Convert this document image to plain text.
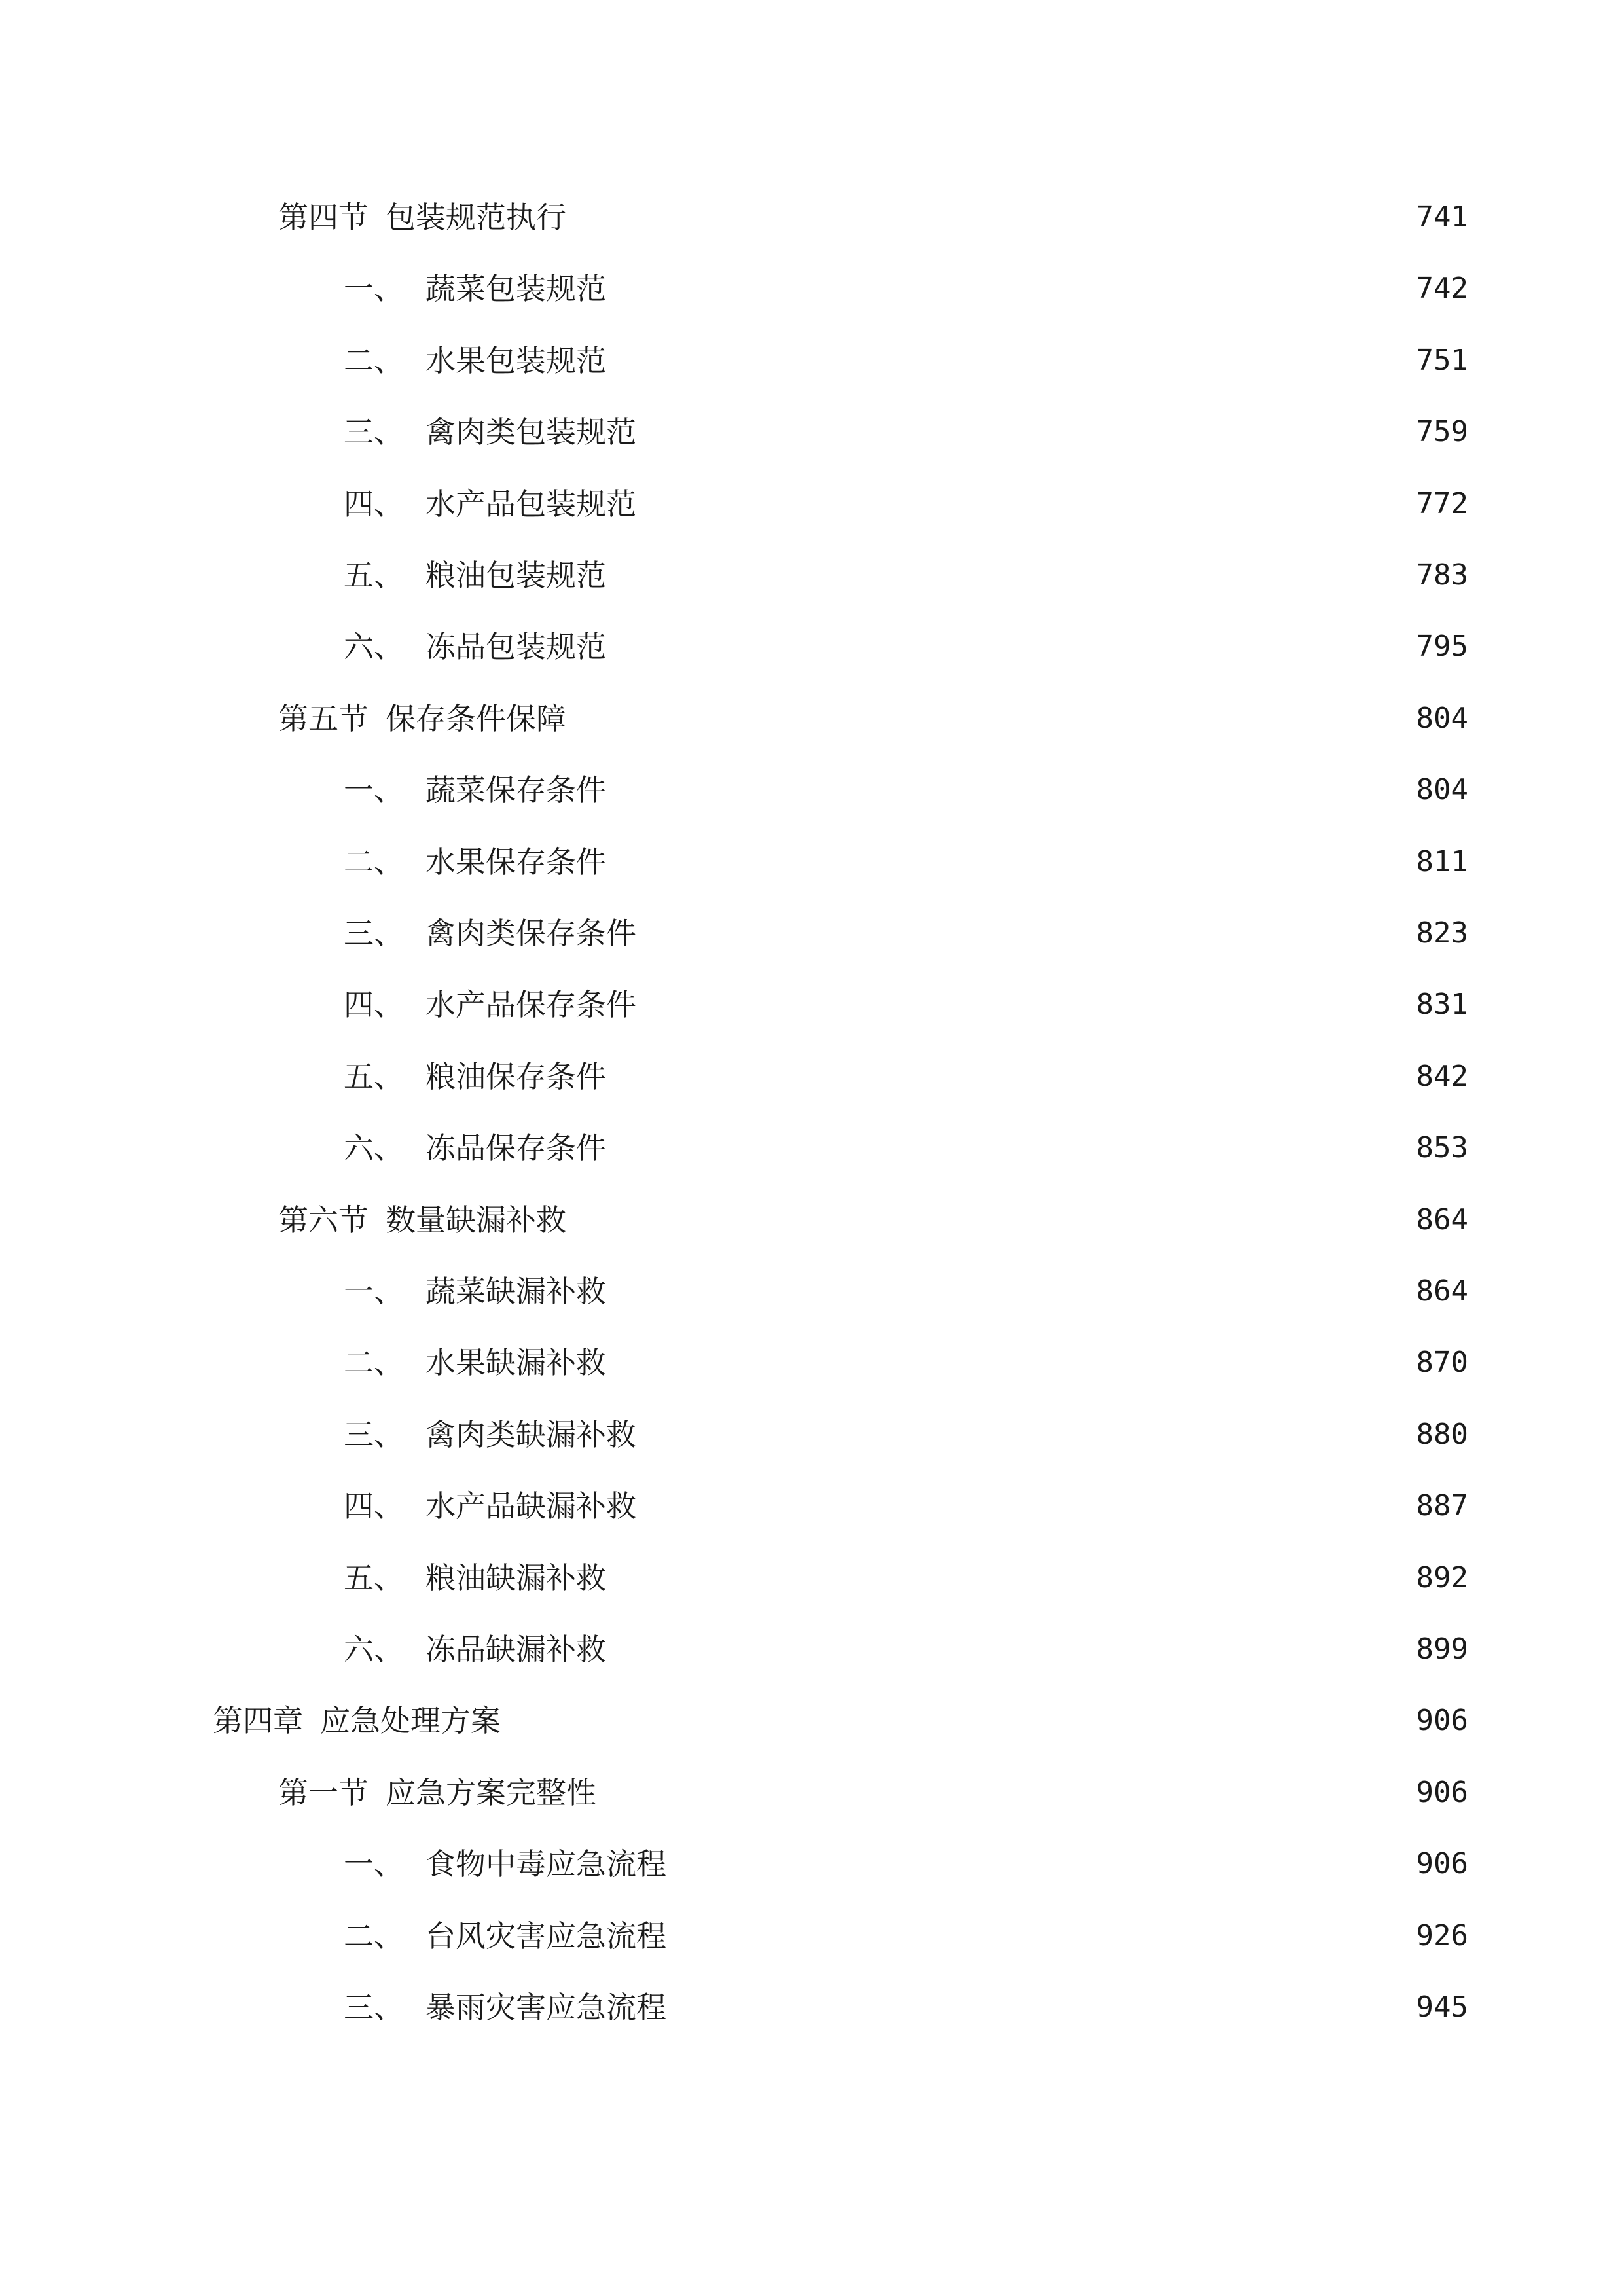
第四节 包装规范执行	741
一、 蔬菜包装规范	742
二、 水果包装规范	751
三、 禽肉类包装规范	759
四、 水产品包装规范	772
五、 粮油包装规范	783
六、 冻品包装规范	795
第五节 保存条件保障	804
一、 蔬菜保存条件	804
二、 水果保存条件	811
三、 禽肉类保存条件	823
四、 水产品保存条件	831
五、 粮油保存条件	842
六、 冻品保存条件	853
第六节 数量缺漏补救	864
一、 蔬菜缺漏补救	864
二、 水果缺漏补救	870
三、 禽肉类缺漏补救	880
四、 水产品缺漏补救	887
五、 粮油缺漏补救	892
六、 冻品缺漏补救	899
第四章 应急处理方案	906
第一节 应急方案完整性	906
一、 食物中毒应急流程	906
二、 台风灾害应急流程	926
三、 暴雨灾害应急流程	945
